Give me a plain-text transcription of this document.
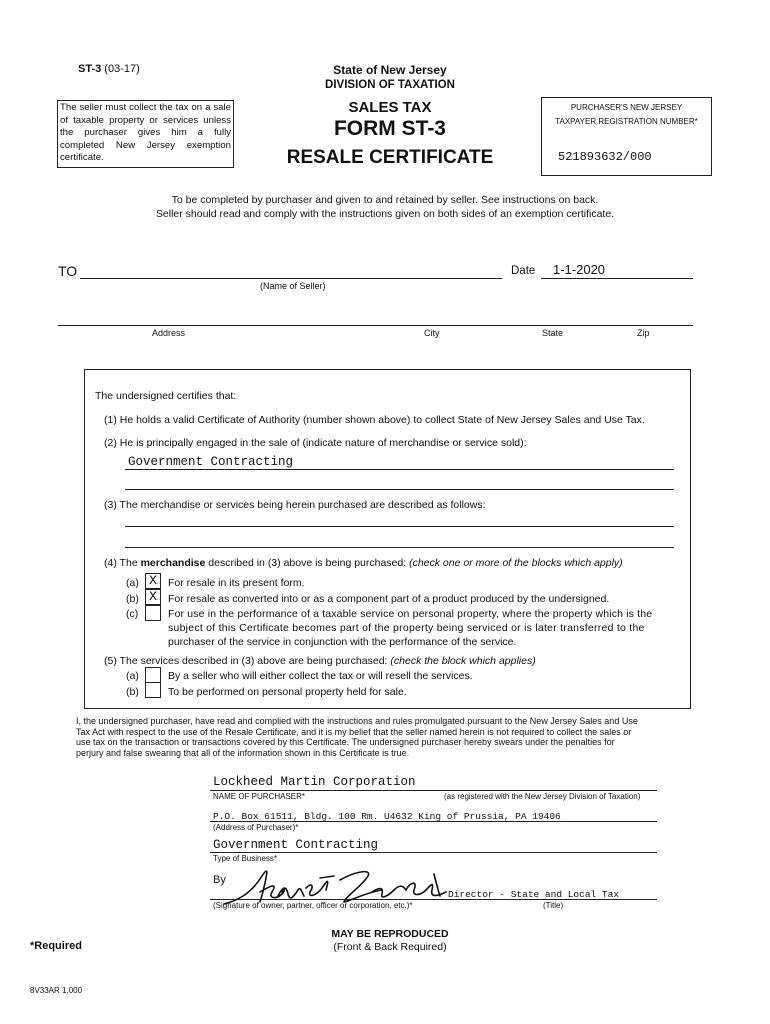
ST-3 (03-17)	State of New Jersey
DIVISION OF TAXATION
SALES TAX
FORM ST-3
RESALE CERTIFICATE
The seller must collect the tax on a sale of taxable property or services unless the purchaser gives him a fully completed New Jersey exemption certificate.
PURCHASER'S NEW JERSEY
TAXPAYER REGISTRATION NUMBER*
521893632/000
To be completed by purchaser and given to and retained by seller. See instructions on back.
Seller should read and comply with the instructions given on both sides of an exemption certificate.
TO	Date 1-1-2020
(Name of Seller)
Address	City	State	Zip
The undersigned certifies that:
(1) He holds a valid Certificate of Authority (number shown above) to collect State of New Jersey Sales and Use Tax.
(2) He is principally engaged in the sale of (indicate nature of merchandise or service sold):
Government Contracting
(3) The merchandise or services being herein purchased are described as follows:
(4) The merchandise described in (3) above is being purchased: (check one or more of the blocks which apply)
(a) X	For resale in its present form.
(b) X	For resale as converted into or as a component part of a product produced by the undersigned.
(c)	For use in the performance of a taxable service on personal property, where the property which is the
subject of this Certificate becomes part of the property being serviced or is later transferred to the
purchaser of the service in conjunction with the performance of the service.
(5) The services described in (3) above are being purchased: (check the block which applies)
(a)	By a seller who will either collect the tax or will resell the services.
(b)	To be performed on personal property held for sale.
I, the undersigned purchaser, have read and complied with the instructions and rules promulgated pursuant to the New Jersey Sales and Use
Tax Act with respect to the use of the Resale Certificate, and it is my belief that the seller named herein is not required to collect the sales or
use tax on the transaction or transactions covered by this Certificate. The undersigned purchaser hereby swears under the penalties for
perjury and false swearing that all of the information shown in this Certificate is true.
Lockheed Martin Corporation
NAME OF PURCHASER*	(as registered with the New Jersey Division of Taxation)
P.O. Box 61511, Bldg. 100 Rm. U4632 King of Prussia, PA 19406
(Address of Purchaser)*
Government Contracting
Type of Business*
By
Director - State and Local Tax
(Signature of owner, partner, officer or corporation, etc.)*	(Title)
*Required
MAY BE REPRODUCED
(Front & Back Required)
8V33AR 1.000
